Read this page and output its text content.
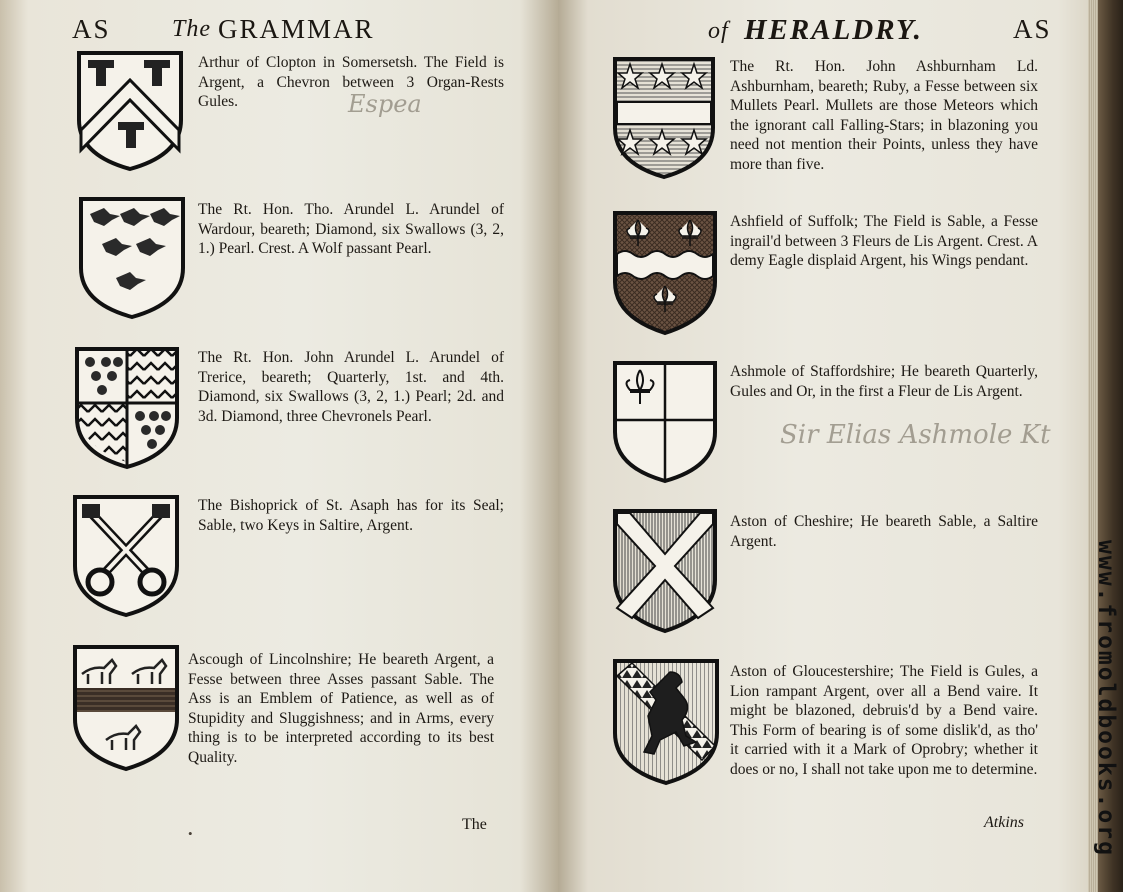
AS	The GRAMMAR
Arthur of Clopton in Somersetsh. The Field is Argent, a Chevron between 3 Organ-Rests Gules.	Espea
The Rt. Hon. Tho. Arundel L. Arundel of Wardour, beareth; Diamond, six Swallows (3, 2, 1.) Pearl. Crest. A Wolf passant Pearl.
The Rt. Hon. John Arundel L. Arundel of Trerice, beareth; Quarterly, 1st. and 4th. Diamond, six Swallows (3, 2, 1.) Pearl; 2d. and 3d. Diamond, three Chevronels Pearl.
The Bishoprick of St. Asaph has for its Seal; Sable, two Keys in Saltire, Argent.
Ascough of Lincolnshire; He beareth Argent, a Fesse between three Asses passant Sable. The Ass is an Emblem of Patience, as well as of Stupidity and Sluggishness; and in Arms, every thing is to be interpreted according to its best Quality.
•
The
of HERALDRY.	AS
The Rt. Hon. John Ashburnham Ld. Ashburnham, beareth; Ruby, a Fesse between six Mullets Pearl. Mullets are those Meteors which the ignorant call Falling-Stars; in blazoning you need not mention their Points, unless they have more than five.
Ashfield of Suffolk; The Field is Sable, a Fesse ingrail'd between 3 Fleurs de Lis Argent. Crest. A demy Eagle displaid Argent, his Wings pendant.
Ashmole of Staffordshire; He beareth Quarterly, Gules and Or, in the first a Fleur de Lis Argent.
Sir Elias Ashmole Kt
Aston of Cheshire; He beareth Sable, a Saltire Argent.
Aston of Gloucestershire; The Field is Gules, a Lion rampant Argent, over all a Bend vaire. It might be blazoned, debruis'd by a Bend vaire. This Form of bearing is of some dislik'd, as tho' it carried with it a Mark of Oprobry; whether it does or no, I shall not take upon me to determine.
Atkins	www.fromoldbooks.org
